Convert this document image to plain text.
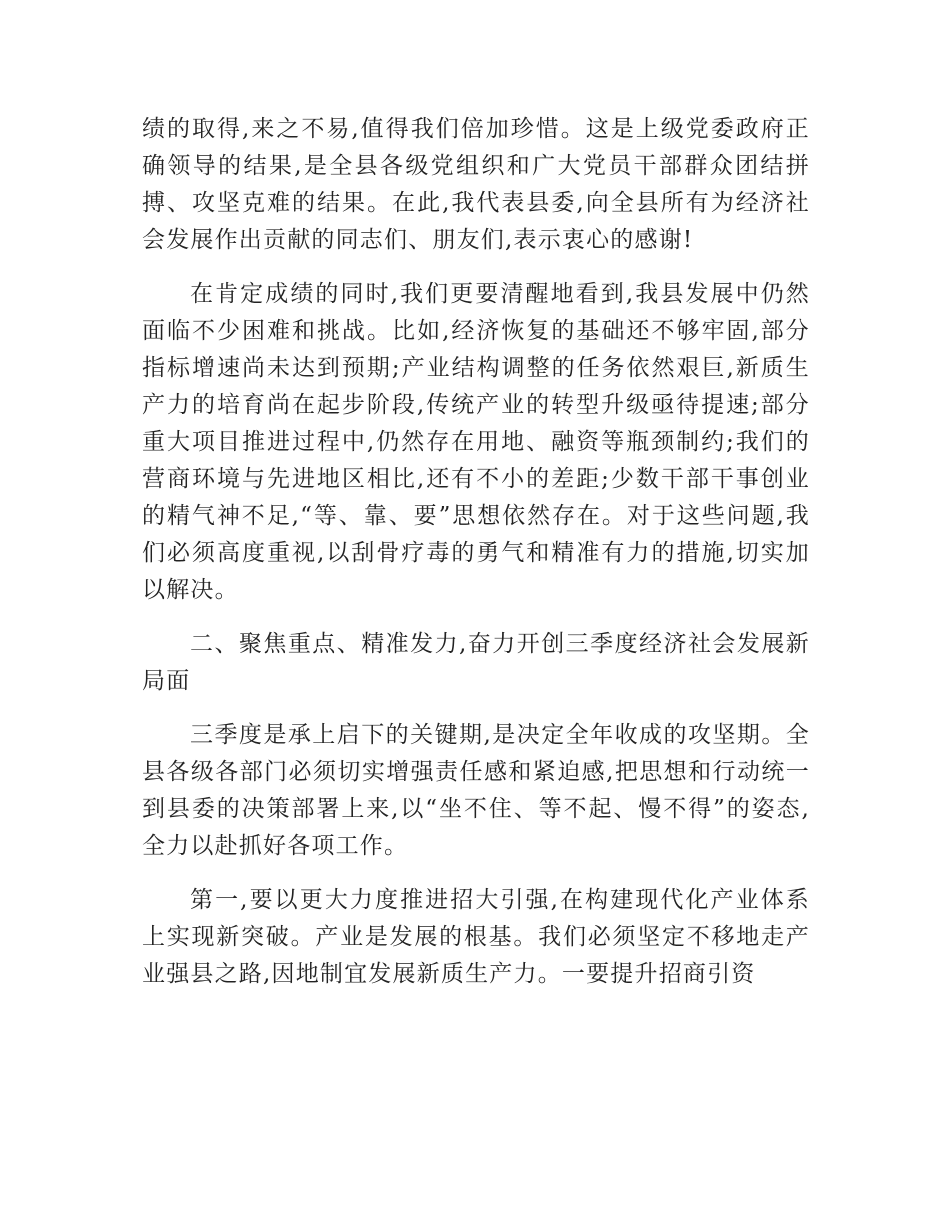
绩的取得,来之不易,值得我们倍加珍惜。这是上级党委政府正确领导的结果,是全县各级党组织和广大党员干部群众团结拼搏、攻坚克难的结果。在此,我代表县委,向全县所有为经济社会发展作出贡献的同志们、朋友们,表示衷心的感谢!

在肯定成绩的同时,我们更要清醒地看到,我县发展中仍然面临不少困难和挑战。比如,经济恢复的基础还不够牢固,部分指标增速尚未达到预期;产业结构调整的任务依然艰巨,新质生产力的培育尚在起步阶段,传统产业的转型升级亟待提速;部分重大项目推进过程中,仍然存在用地、融资等瓶颈制约;我们的营商环境与先进地区相比,还有不小的差距;少数干部干事创业的精气神不足,“等、靠、要”思想依然存在。对于这些问题,我们必须高度重视,以刮骨疗毒的勇气和精准有力的措施,切实加以解决。

二、聚焦重点、精准发力,奋力开创三季度经济社会发展新局面

三季度是承上启下的关键期,是决定全年收成的攻坚期。全县各级各部门必须切实增强责任感和紧迫感,把思想和行动统一到县委的决策部署上来,以“坐不住、等不起、慢不得”的姿态,全力以赴抓好各项工作。

第一,要以更大力度推进招大引强,在构建现代化产业体系上实现新突破。产业是发展的根基。我们必须坚定不移地走产业强县之路,因地制宜发展新质生产力。一要提升招商引资
